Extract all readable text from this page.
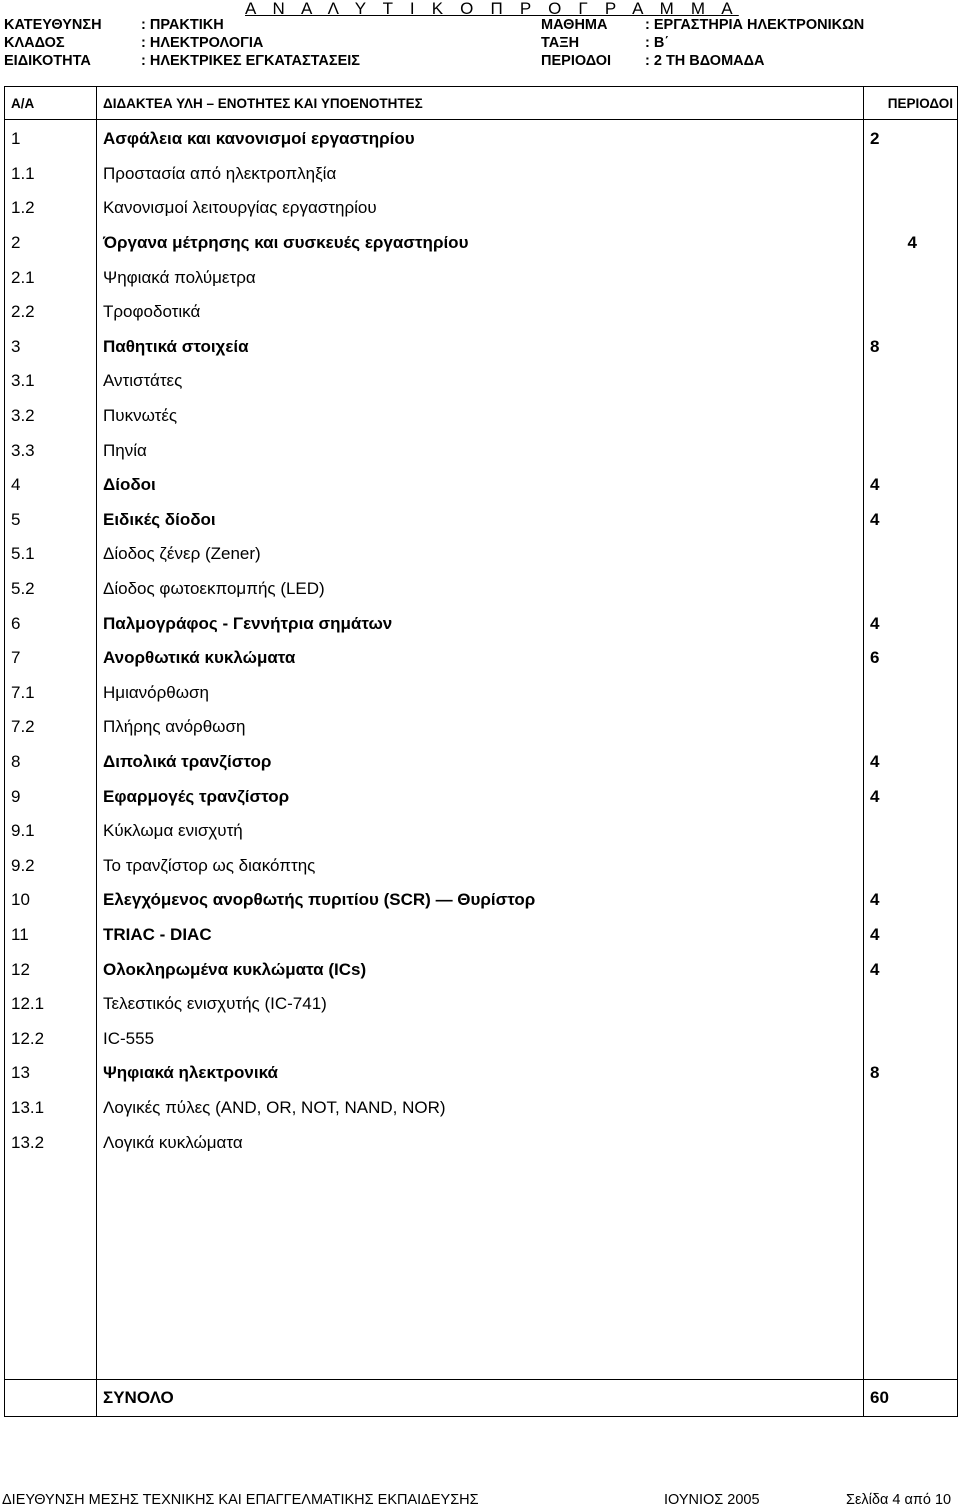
Α Ν Α Λ Υ Τ Ι Κ Ο Π Ρ Ο Γ Ρ Α Μ Μ Α
ΚΑΤΕΥΘΥΝΣΗ	: ΠΡΑΚΤΙΚΗ
ΚΛΑΔΟΣ	: ΗΛΕΚΤΡΟΛΟΓΙΑ
ΕΙΔΙΚΟΤΗΤΑ	: ΗΛΕΚΤΡΙΚΕΣ ΕΓΚΑΤΑΣΤΑΣΕΙΣ
ΜΑΘΗΜΑ	: ΕΡΓΑΣΤΗΡΙΑ ΗΛΕΚΤΡΟΝΙΚΩΝ
ΤΑΞΗ	: Β΄
ΠΕΡΙΟΔΟΙ : 2 ΤΗ ΒΔΟΜΑΔΑ
Α/Α	ΔΙΔΑΚΤΕΑ ΥΛΗ – ΕΝΟΤΗΤΕΣ ΚΑΙ ΥΠΟΕΝΟΤΗΤΕΣ	ΠΕΡΙΟΔΟΙ
1	Ασφάλεια και κανονισμοί εργαστηρίου	2
1.1	Προστασία από ηλεκτροπληξία	
1.2	Κανονισμοί λειτουργίας εργαστηρίου	
2	Όργανα μέτρησης και συσκευές εργαστηρίου	4
2.1	Ψηφιακά πολύμετρα	
2.2	Τροφοδοτικά	
3	Παθητικά στοιχεία	8
3.1	Αντιστάτες	
3.2	Πυκνωτές	
3.3	Πηνία	
4	Δίοδοι	4
5	Ειδικές δίοδοι	4
5.1	Δίοδος ζένερ (Zener)	
5.2	Δίοδος φωτοεκπομπής (LED)	
6	Παλμογράφος - Γεννήτρια σημάτων	4
7	Ανορθωτικά κυκλώματα	6
7.1	Ημιανόρθωση	
7.2	Πλήρης ανόρθωση	
8	Διπολικά τρανζίστορ	4
9	Εφαρμογές τρανζίστορ	4
9.1	Κύκλωμα ενισχυτή	
9.2	Το τρανζίστορ ως διακόπτης	
10	Ελεγχόμενος ανορθωτής πυριτίου (SCR) — Θυρίστορ	4
11	TRIAC - DIAC	4
12	Ολοκληρωμένα κυκλώματα (ICs)	4
12.1	Τελεστικός ενισχυτής (IC-741)	
12.2	IC-555	
13	Ψηφιακά ηλεκτρονικά	8
13.1	Λογικές πύλες (AND, OR, NOT, NAND, NOR)	
13.2	Λογικά κυκλώματα	

	ΣΥΝΟΛΟ	60
ΔΙΕΥΘΥΝΣΗ ΜΕΣΗΣ ΤΕΧΝΙΚΗΣ ΚΑΙ ΕΠΑΓΓΕΛΜΑΤΙΚΗΣ ΕΚΠΑΙΔΕΥΣΗΣ	ΙΟΥΝΙΟΣ 2005	Σελίδα 4 από 10
